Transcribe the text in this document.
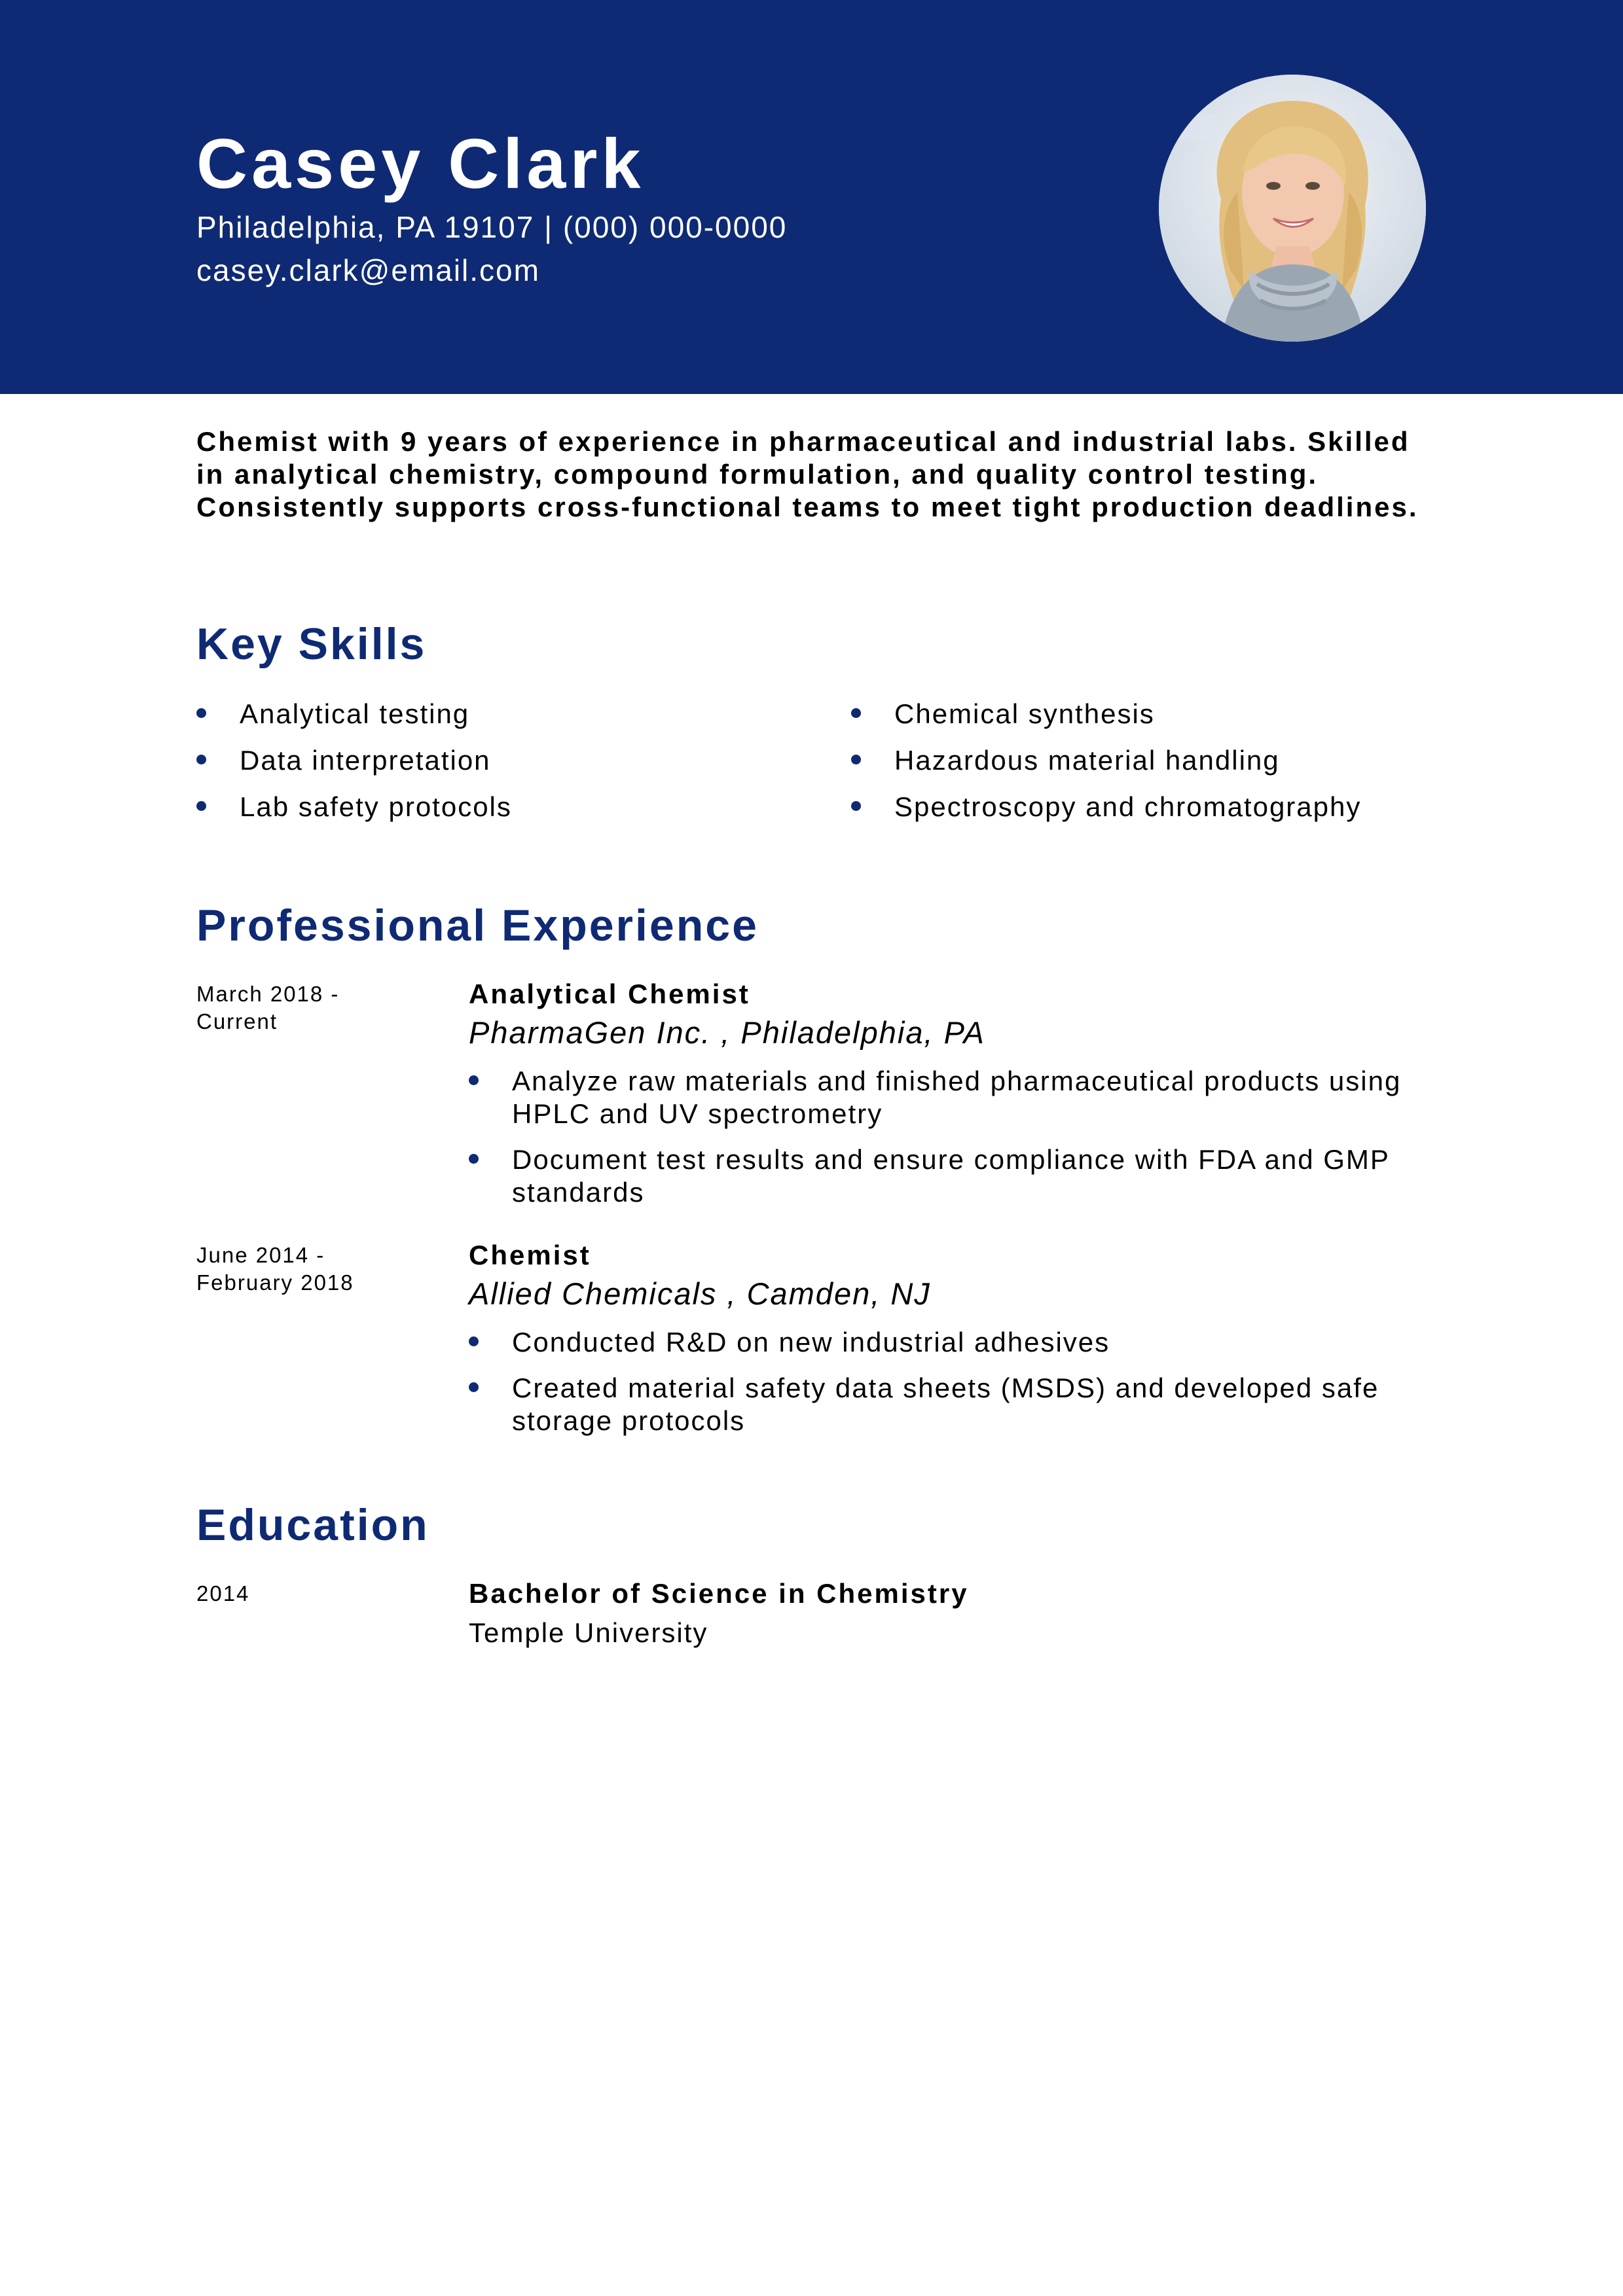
Casey Clark
Philadelphia, PA 19107 | (000) 000-0000
casey.clark@email.com
Chemist with 9 years of experience in pharmaceutical and industrial labs. Skilled in analytical chemistry, compound formulation, and quality control testing. Consistently supports cross-functional teams to meet tight production deadlines.
Key Skills
Analytical testing
Data interpretation
Lab safety protocols
Chemical synthesis
Hazardous material handling
Spectroscopy and chromatography
Professional Experience
March 2018 -
Current
Analytical Chemist
PharmaGen Inc. , Philadelphia, PA
Analyze raw materials and finished pharmaceutical products using HPLC and UV spectrometry
Document test results and ensure compliance with FDA and GMP standards
June 2014 -
February 2018
Chemist
Allied Chemicals , Camden, NJ
Conducted R&D on new industrial adhesives
Created material safety data sheets (MSDS) and developed safe storage protocols
Education
2014	Bachelor of Science in Chemistry
Temple University
